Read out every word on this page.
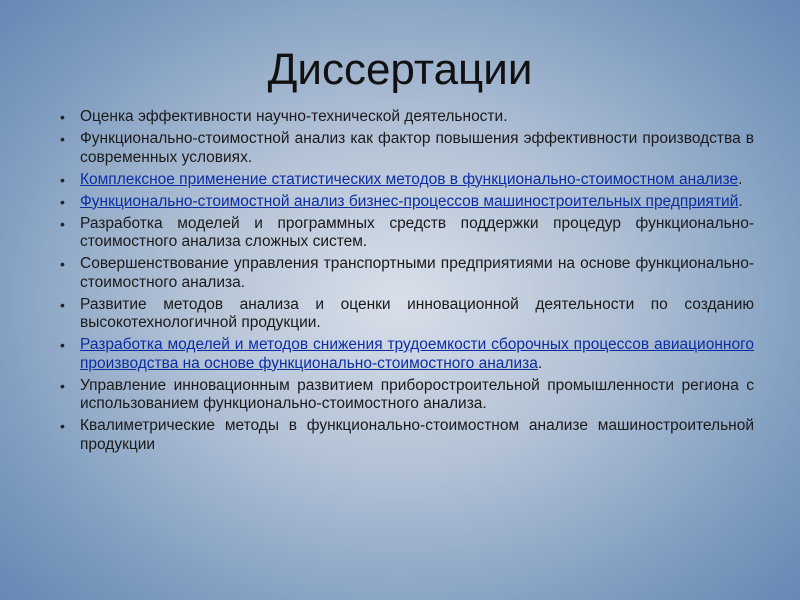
Диссертации
• Оценка эффективности научно-технической деятельности.
• Функционально-стоимостной анализ как фактор повышения эффективности производства в современных условиях.
• Комплексное применение статистических методов в функционально-стоимостном анализе.
• Функционально-стоимостной анализ бизнес-процессов машиностроительных предприятий.
• Разработка моделей и программных средств поддержки процедур функционально-стоимостного анализа сложных систем.
• Совершенствование управления транспортными предприятиями на основе функционально-стоимостного анализа.
• Развитие методов анализа и оценки инновационной деятельности по созданию высокотехнологичной продукции.
• Разработка моделей и методов снижения трудоемкости сборочных процессов авиационного производства на основе функционально-стоимостного анализа.
• Управление инновационным развитием приборостроительной промышленности региона с использованием функционально-стоимостного анализа.
• Квалиметрические методы в функционально-стоимостном анализе машиностроительной продукции
